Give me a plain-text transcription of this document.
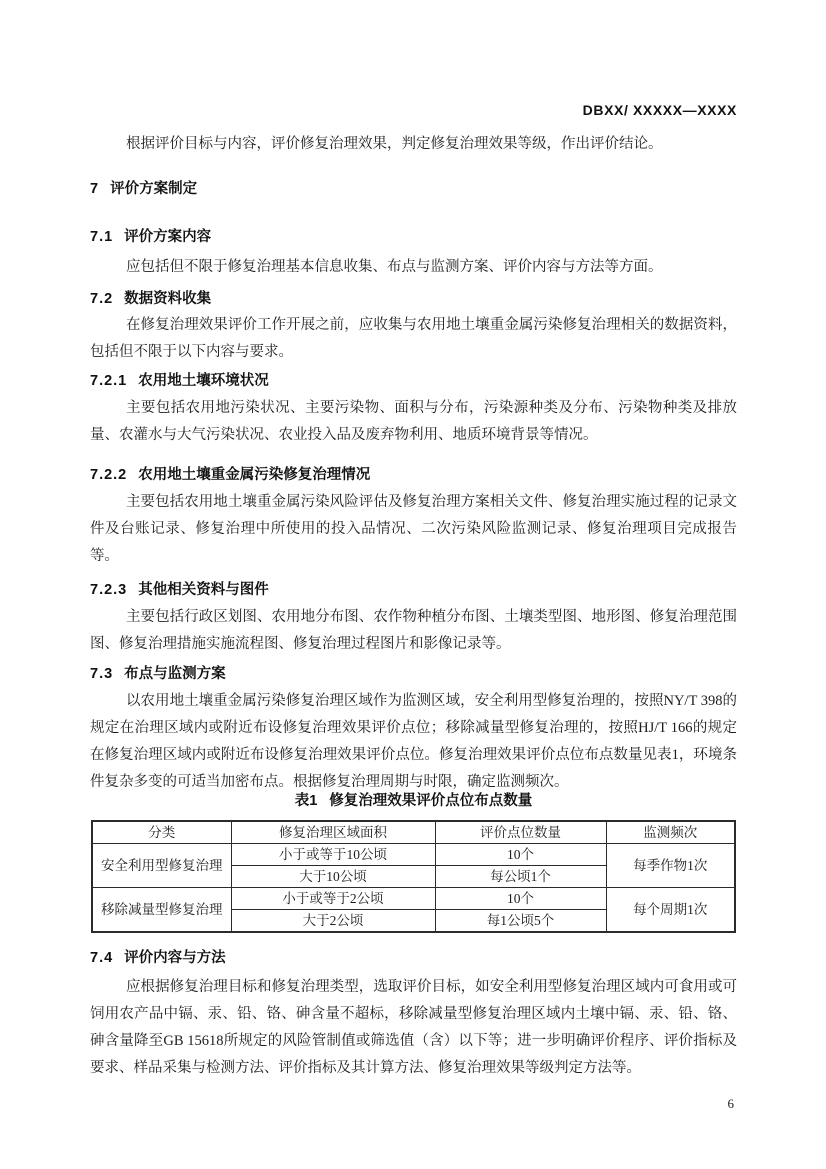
DBXX/ XXXXX—XXXX

根据评价目标与内容，评价修复治理效果，判定修复治理效果等级，作出评价结论。

7 评价方案制定
7.1 评价方案内容

应包括但不限于修复治理基本信息收集、布点与监测方案、评价内容与方法等方面。

7.2 数据资料收集

在修复治理效果评价工作开展之前，应收集与农用地土壤重金属污染修复治理相关的数据资料，包括但不限于以下内容与要求。

7.2.1 农用地土壤环境状况

主要包括农用地污染状况、主要污染物、面积与分布，污染源种类及分布、污染物种类及排放量、农灌水与大气污染状况、农业投入品及废弃物利用、地质环境背景等情况。

7.2.2 农用地土壤重金属污染修复治理情况

主要包括农用地土壤重金属污染风险评估及修复治理方案相关文件、修复治理实施过程的记录文件及台账记录、修复治理中所使用的投入品情况、二次污染风险监测记录、修复治理项目完成报告等。

7.2.3 其他相关资料与图件

主要包括行政区划图、农用地分布图、农作物种植分布图、土壤类型图、地形图、修复治理范围图、修复治理措施实施流程图、修复治理过程图片和影像记录等。

7.3 布点与监测方案

以农用地土壤重金属污染修复治理区域作为监测区域，安全利用型修复治理的，按照NY/T 398的规定在治理区域内或附近布设修复治理效果评价点位；移除减量型修复治理的，按照HJ/T 166的规定在修复治理区域内或附近布设修复治理效果评价点位。修复治理效果评价点位布点数量见表1，环境条件复杂多变的可适当加密布点。根据修复治理周期与时限，确定监测频次。

表1 修复治理效果评价点位布点数量
分类	修复治理区域面积	评价点位数量	监测频次
安全利用型修复治理	小于或等于10公顷	10个	每季作物1次
	大于10公顷	每公顷1个	
移除减量型修复治理	小于或等于2公顷	10个	每个周期1次
	大于2公顷	每1公顷5个	
7.4 评价内容与方法

应根据修复治理目标和修复治理类型，选取评价目标，如安全利用型修复治理区域内可食用或可饲用农产品中镉、汞、铅、铬、砷含量不超标，移除减量型修复治理区域内土壤中镉、汞、铅、铬、砷含量降至GB 15618所规定的风险管制值或筛选值（含）以下等；进一步明确评价程序、评价指标及要求、样品采集与检测方法、评价指标及其计算方法、修复治理效果等级判定方法等。

6
